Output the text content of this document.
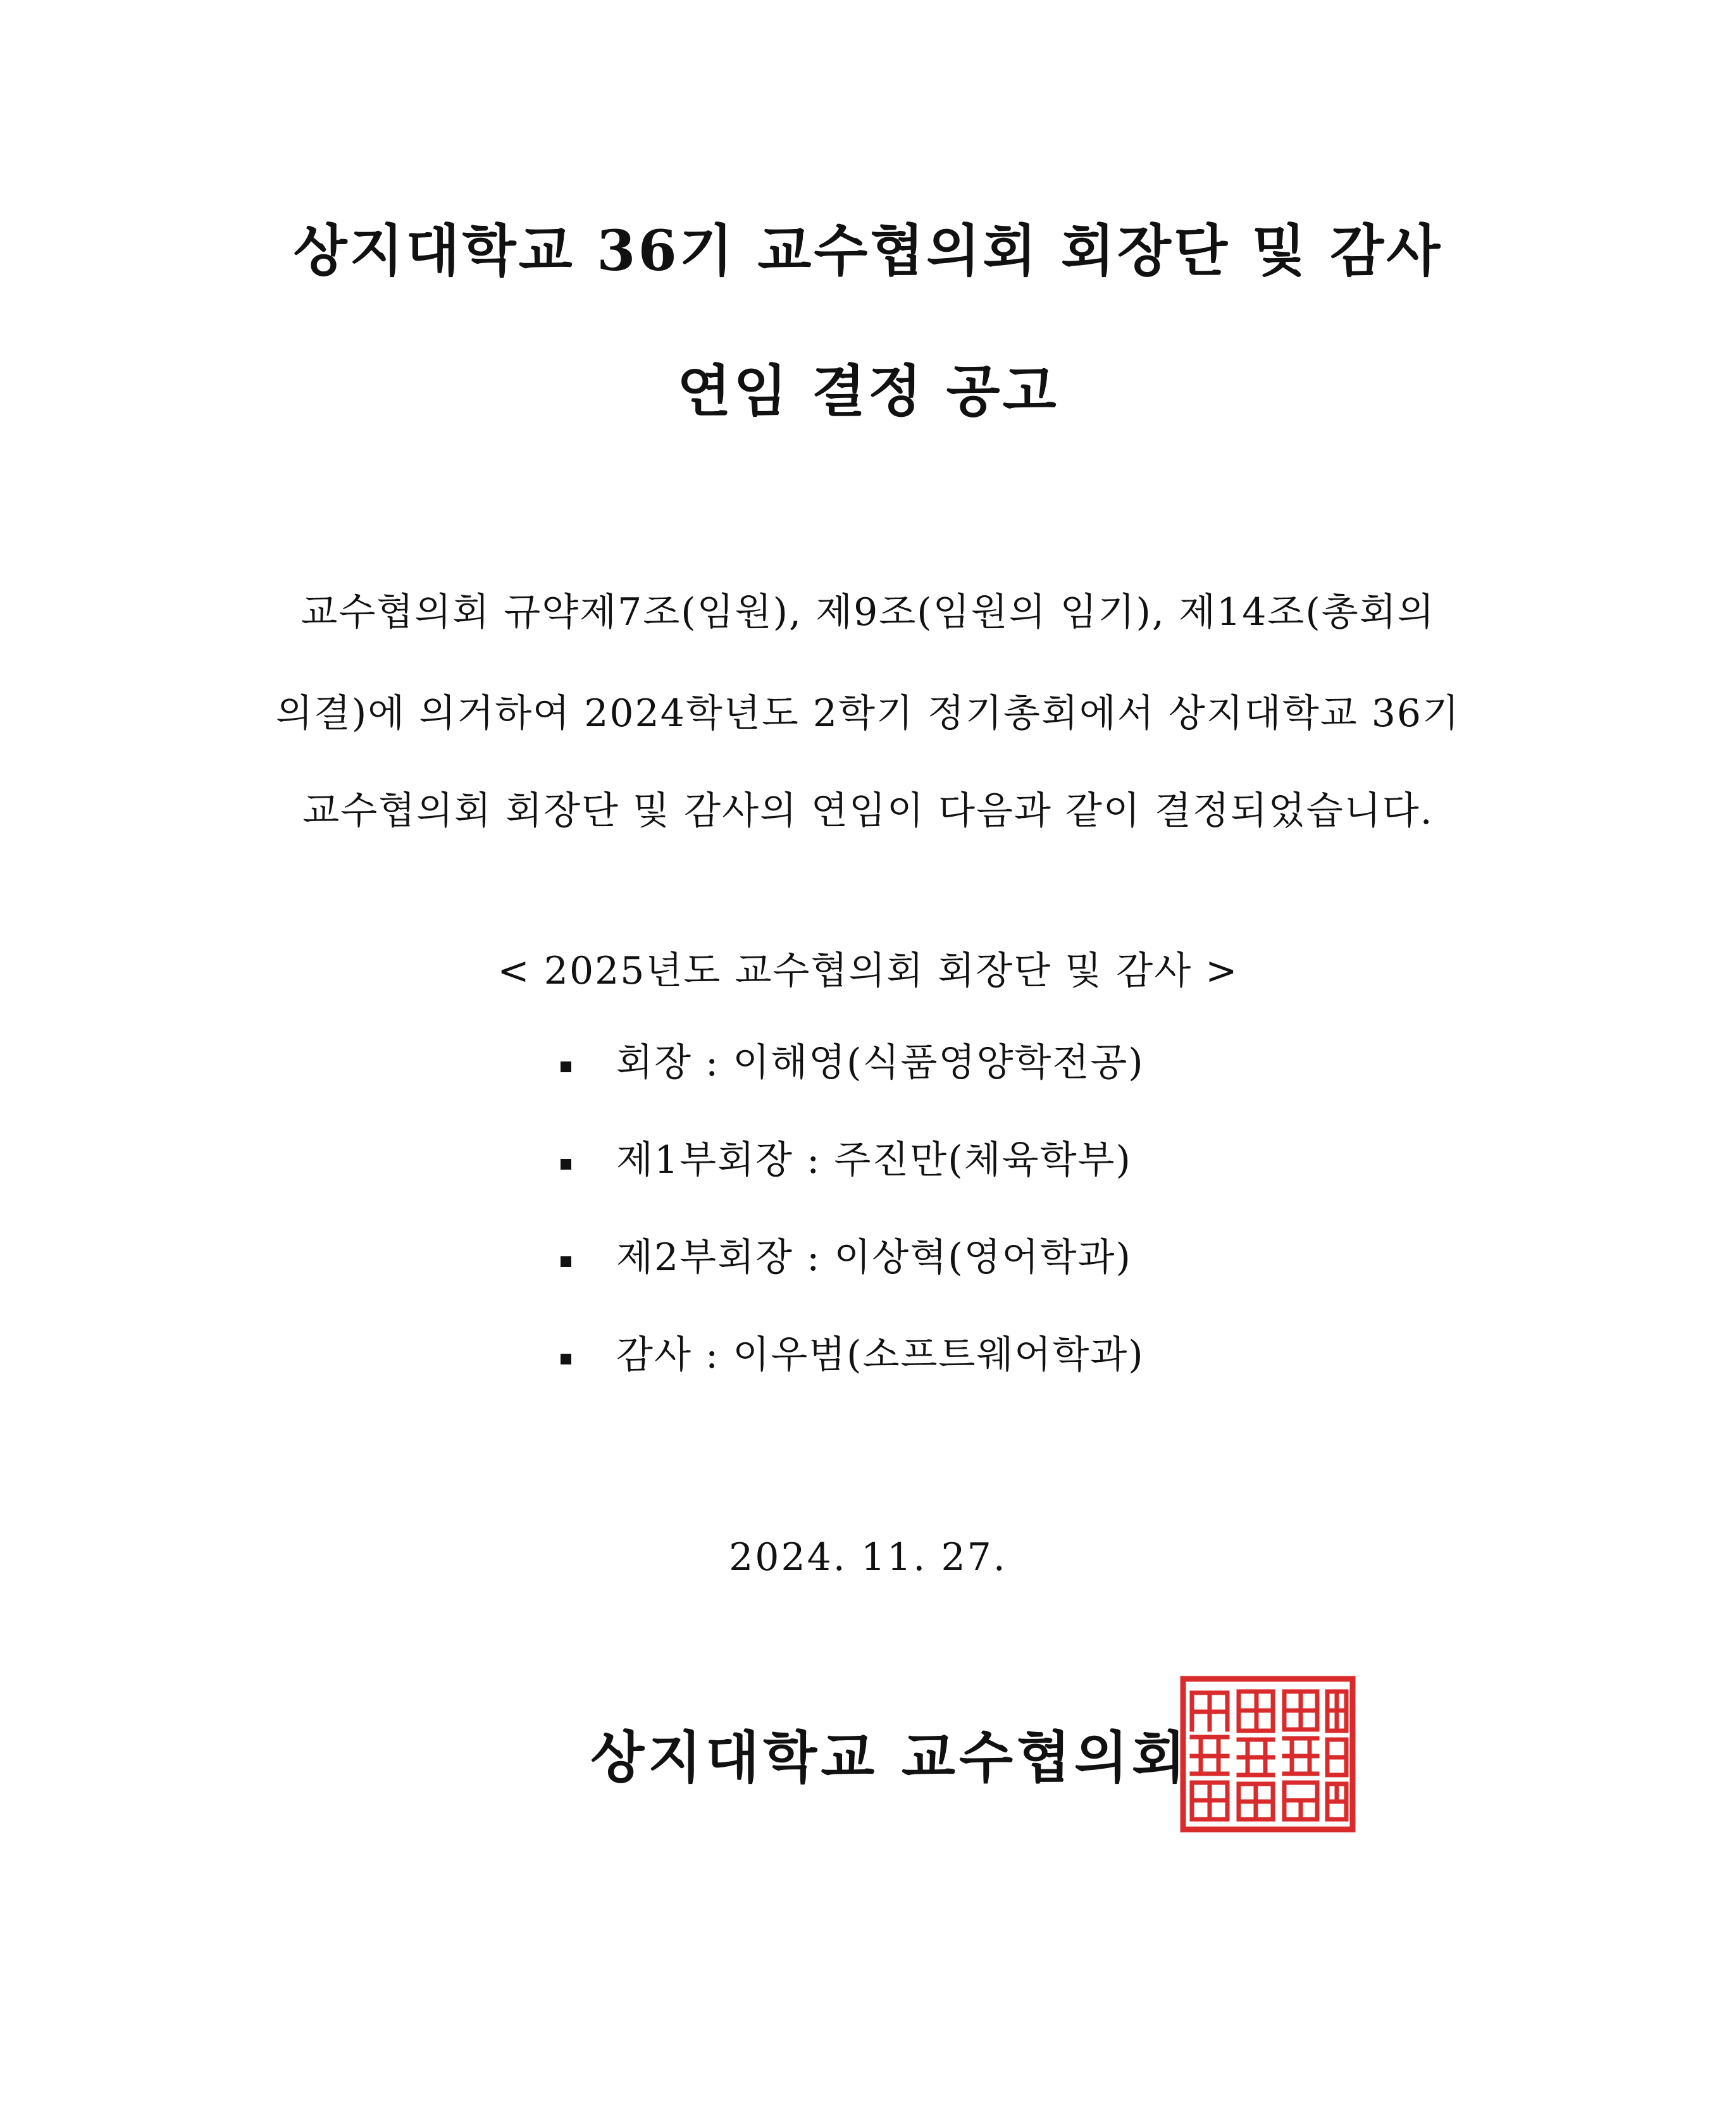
상지대학교 36기 교수협의회 회장단 및 감사
연임 결정 공고
교수협의회 규약제7조(임원), 제9조(임원의 임기), 제14조(총회의
의결)에 의거하여 2024학년도 2학기 정기총회에서 상지대학교 36기
교수협의회 회장단 및 감사의 연임이 다음과 같이 결정되었습니다.
< 2025년도 교수협의회 회장단 및 감사 >
회장 : 이해영(식품영양학전공)
제1부회장 : 주진만(체육학부)
제2부회장 : 이상혁(영어학과)
감사 : 이우범(소프트웨어학과)
2024. 11. 27.
상지대학교 교수협의회
